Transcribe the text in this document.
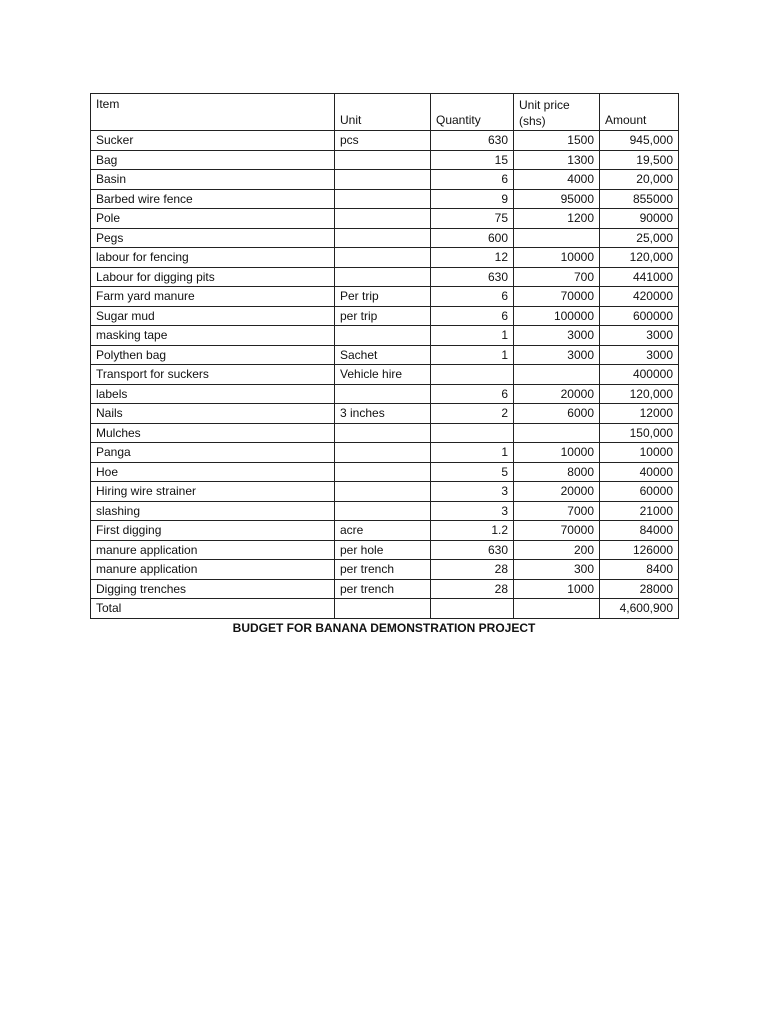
Item	Unit	Quantity	Unit price (shs)	Amount
Sucker	pcs	630	1500	945,000
Bag		15	1300	19,500
Basin		6	4000	20,000
Barbed wire fence		9	95000	855000
Pole		75	1200	90000
Pegs		600		25,000
labour for fencing		12	10000	120,000
Labour for digging pits		630	700	441000
Farm yard manure	Per trip	6	70000	420000
Sugar mud	per trip	6	100000	600000
masking tape		1	3000	3000
Polythen bag	Sachet	1	3000	3000
Transport for suckers	Vehicle hire			400000
labels		6	20000	120,000
Nails	3 inches	2	6000	12000
Mulches				150,000
Panga		1	10000	10000
Hoe		5	8000	40000
Hiring wire strainer		3	20000	60000
slashing		3	7000	21000
First digging	acre	1.2	70000	84000
manure application	per hole	630	200	126000
manure application	per trench	28	300	8400
Digging trenches	per trench	28	1000	28000
Total				4,600,900
BUDGET FOR BANANA DEMONSTRATION PROJECT
